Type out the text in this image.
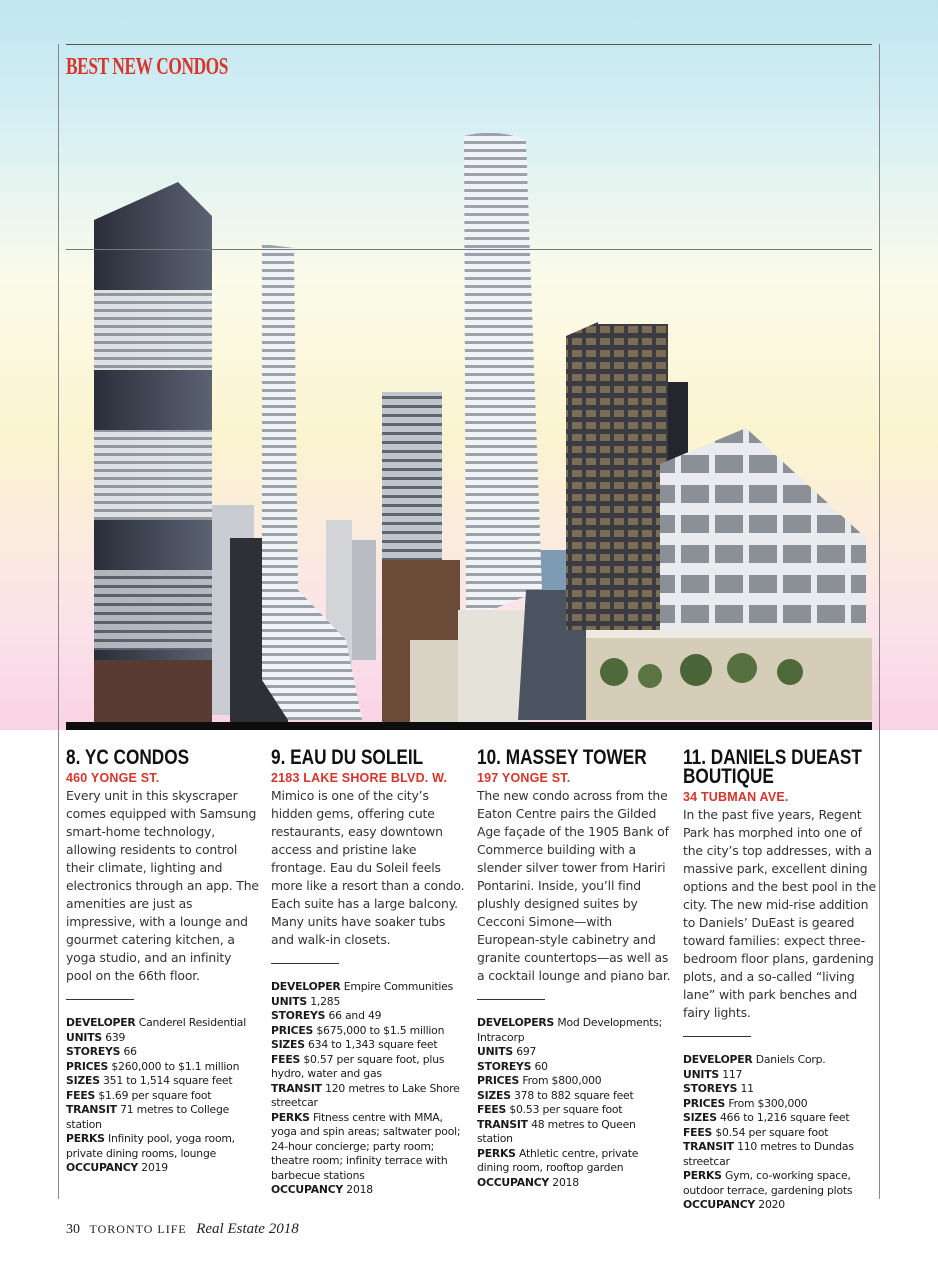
BEST NEW CONDOS
8. YC CONDOS
460 YONGE ST.

Every unit in this skyscraper comes equipped with Samsung smart-home technology, allowing residents to control their climate, lighting and electronics through an app. The amenities are just as impressive, with a lounge and gourmet catering kitchen, a yoga studio, and an infinity pool on the 66th floor.

DEVELOPER Canderel Residential

UNITS 639

STOREYS 66

PRICES $260,000 to $1.1 million

SIZES 351 to 1,514 square feet

FEES $1.69 per square foot

TRANSIT 71 metres to College station

PERKS Infinity pool, yoga room, private dining rooms, lounge

OCCUPANCY 2019

9. EAU DU SOLEIL
2183 LAKE SHORE BLVD. W.

Mimico is one of the city’s hidden gems, offering cute restaurants, easy downtown access and pristine lake frontage. Eau du Soleil feels more like a resort than a condo. Each suite has a large balcony. Many units have soaker tubs and walk-in closets.

DEVELOPER Empire Communities

UNITS 1,285

STOREYS 66 and 49

PRICES $675,000 to $1.5 million

SIZES 634 to 1,343 square feet

FEES $0.57 per square foot, plus hydro, water and gas

TRANSIT 120 metres to Lake Shore streetcar

PERKS Fitness centre with MMA, yoga and spin areas; saltwater pool; 24-hour concierge; party room; theatre room; infinity terrace with barbecue stations

OCCUPANCY 2018

10. MASSEY TOWER
197 YONGE ST.

The new condo across from the Eaton Centre pairs the Gilded Age façade of the 1905 Bank of Commerce building with a slender silver tower from Hariri Pontarini. Inside, you’ll find plushly designed suites by Cecconi Simone—with European-style cabinetry and granite countertops—as well as a cocktail lounge and piano bar.

DEVELOPERS Mod Developments; Intracorp

UNITS 697

STOREYS 60

PRICES From $800,000

SIZES 378 to 882 square feet

FEES $0.53 per square foot

TRANSIT 48 metres to Queen station

PERKS Athletic centre, private dining room, rooftop garden

OCCUPANCY 2018

11. DANIELS DUEAST BOUTIQUE
34 TUBMAN AVE.

In the past five years, Regent Park has morphed into one of the city’s top addresses, with a massive park, excellent dining options and the best pool in the city. The new mid-rise addition to Daniels’ DuEast is geared toward families: expect three-bedroom floor plans, gardening plots, and a so-called “living lane” with park benches and fairy lights.

DEVELOPER Daniels Corp.

UNITS 117

STOREYS 11

PRICES From $300,000

SIZES 466 to 1,216 square feet

FEES $0.54 per square foot

TRANSIT 110 metres to Dundas streetcar

PERKS Gym, co-working space, outdoor terrace, gardening plots

OCCUPANCY 2020

30 TORONTO LIFE Real Estate 2018
